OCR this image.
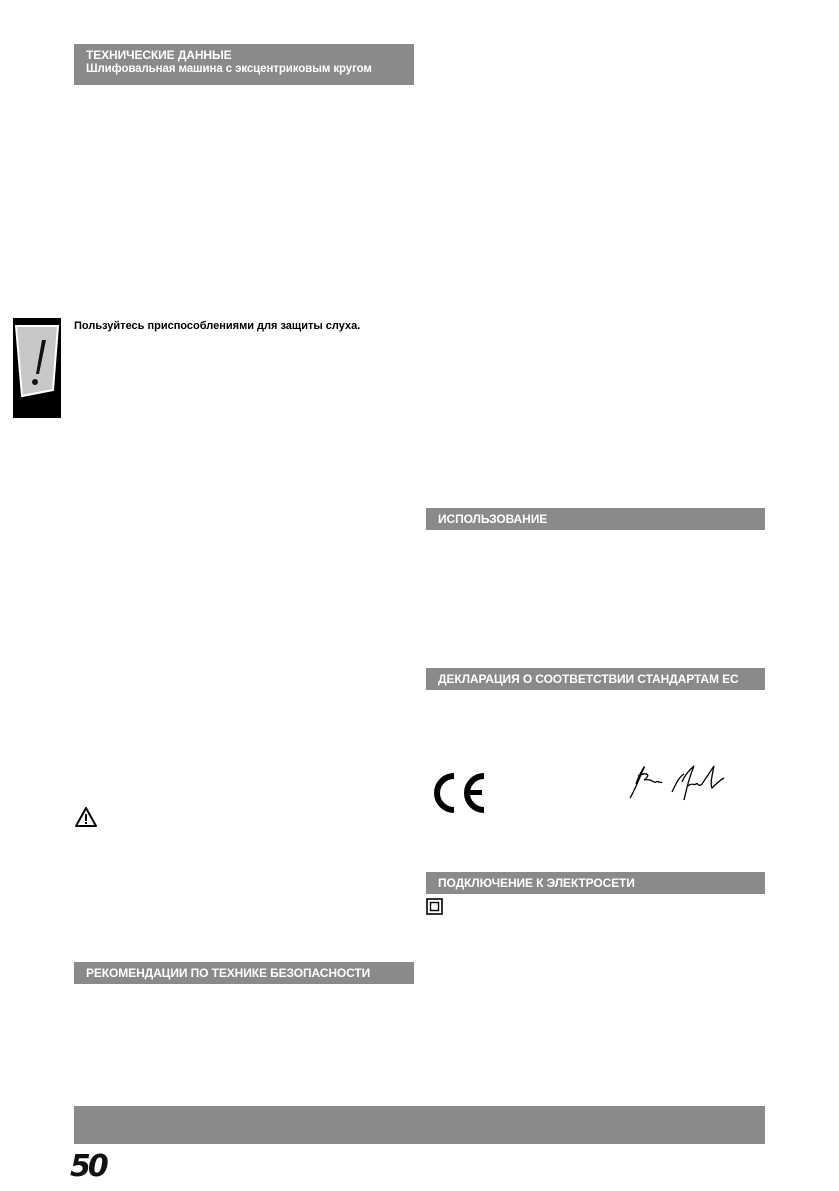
ТЕХНИЧЕСКИЕ ДАННЫЕ
Шлифовальная машина с эксцентриковым кругом
Пользуйтесь приспособлениями для защиты слуха.
РЕКОМЕНДАЦИИ ПО ТЕХНИКЕ БЕЗОПАСНОСТИ
ИСПОЛЬЗОВАНИЕ
ДЕКЛАРАЦИЯ О СООТВЕТСТВИИ СТАНДАРТАМ ЕС
ПОДКЛЮЧЕНИЕ К ЭЛЕКТРОСЕТИ
50
